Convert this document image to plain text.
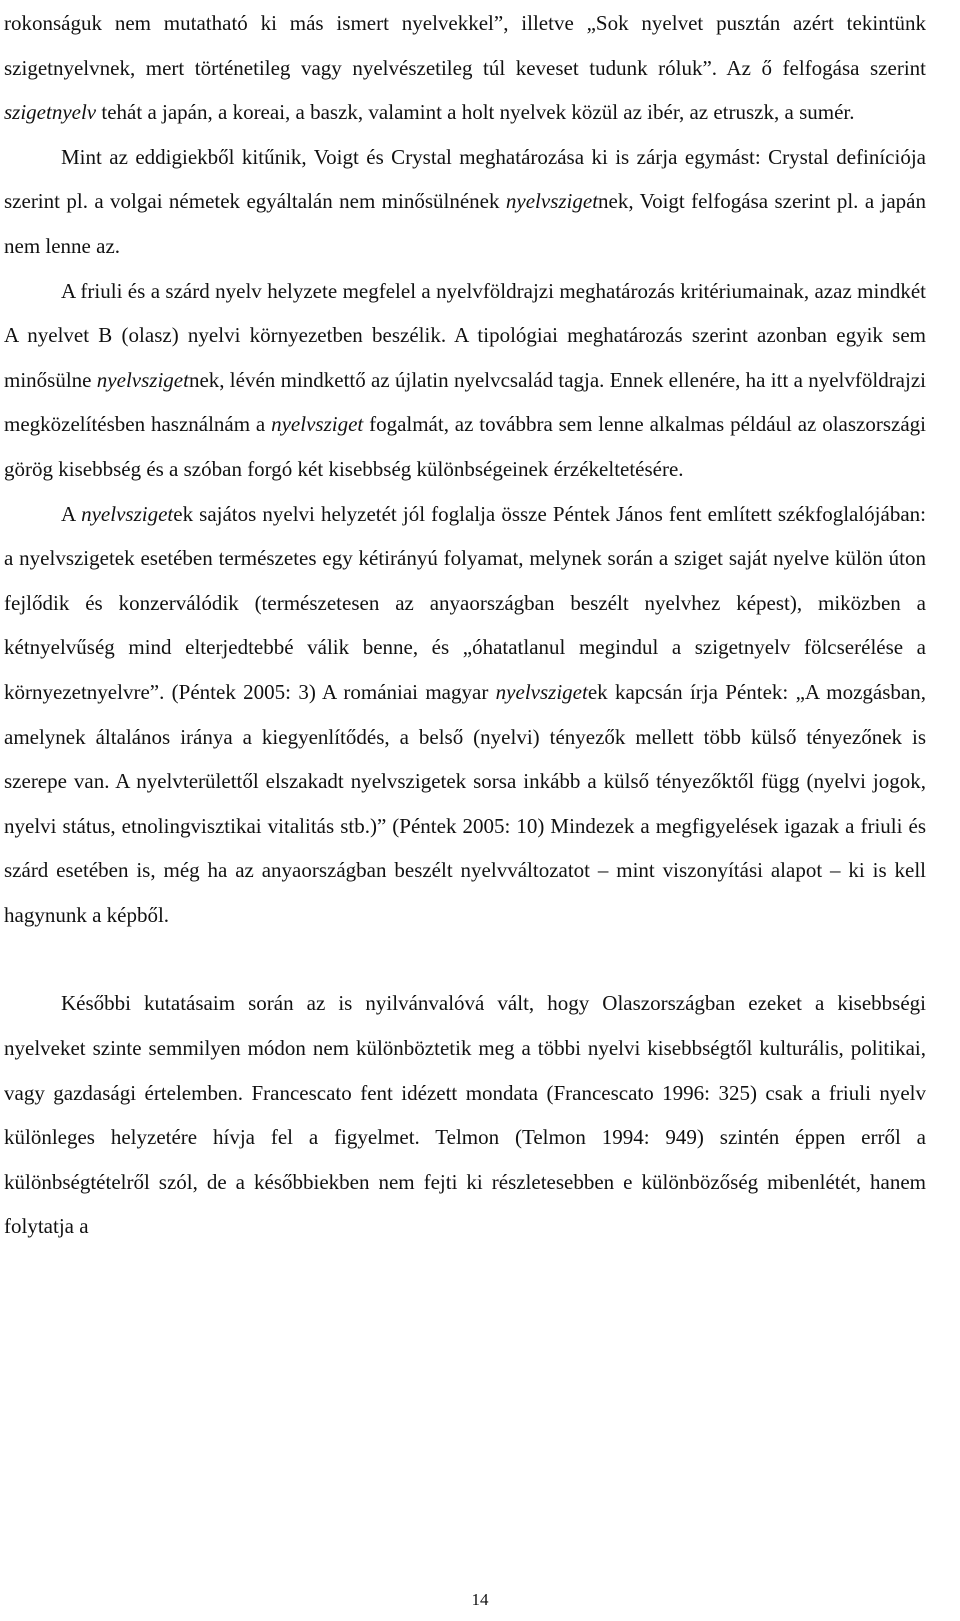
rokonságuk nem mutatható ki más ismert nyelvekkel”, illetve „Sok nyelvet pusztán azért tekintünk szigetnyelvnek, mert történetileg vagy nyelvészetileg túl keveset tudunk róluk”. Az ő felfogása szerint szigetnyelv tehát a japán, a koreai, a baszk, valamint a holt nyelvek közül az ibér, az etruszk, a sumér.

Mint az eddigiekből kitűnik, Voigt és Crystal meghatározása ki is zárja egymást: Crystal definíciója szerint pl. a volgai németek egyáltalán nem minősülnének nyelvszigetnek, Voigt felfogása szerint pl. a japán nem lenne az.

A friuli és a szárd nyelv helyzete megfelel a nyelvföldrajzi meghatározás kritériumainak, azaz mindkét A nyelvet B (olasz) nyelvi környezetben beszélik. A tipológiai meghatározás szerint azonban egyik sem minősülne nyelvszigetnek, lévén mindkettő az újlatin nyelvcsalád tagja. Ennek ellenére, ha itt a nyelvföldrajzi megközelítésben használnám a nyelvsziget fogalmát, az továbbra sem lenne alkalmas például az olaszországi görög kisebbség és a szóban forgó két kisebbség különbségeinek érzékeltetésére.

A nyelvszigetek sajátos nyelvi helyzetét jól foglalja össze Péntek János fent említett székfoglalójában: a nyelvszigetek esetében természetes egy kétirányú folyamat, melynek során a sziget saját nyelve külön úton fejlődik és konzerválódik (természetesen az anyaországban beszélt nyelvhez képest), miközben a kétnyelvűség mind elterjedtebbé válik benne, és „óhatatlanul megindul a szigetnyelv fölcserélése a környezetnyelvre”. (Péntek 2005: 3) A romániai magyar nyelvszigetek kapcsán írja Péntek: „A mozgásban, amelynek általános iránya a kiegyenlítődés, a belső (nyelvi) tényezők mellett több külső tényezőnek is szerepe van. A nyelvterülettől elszakadt nyelvszigetek sorsa inkább a külső tényezőktől függ (nyelvi jogok, nyelvi státus, etnolingvisztikai vitalitás stb.)” (Péntek 2005: 10) Mindezek a megfigyelések igazak a friuli és szárd esetében is, még ha az anyaországban beszélt nyelvváltozatot – mint viszonyítási alapot – ki is kell hagynunk a képből.

Későbbi kutatásaim során az is nyilvánvalóvá vált, hogy Olaszországban ezeket a kisebbségi nyelveket szinte semmilyen módon nem különböztetik meg a többi nyelvi kisebbségtől kulturális, politikai, vagy gazdasági értelemben. Francescato fent idézett mondata (Francescato 1996: 325) csak a friuli nyelv különleges helyzetére hívja fel a figyelmet. Telmon (Telmon 1994: 949) szintén éppen erről a különbségtételről szól, de a későbbiekben nem fejti ki részletesebben e különbözőség mibenlétét, hanem folytatja a

14
